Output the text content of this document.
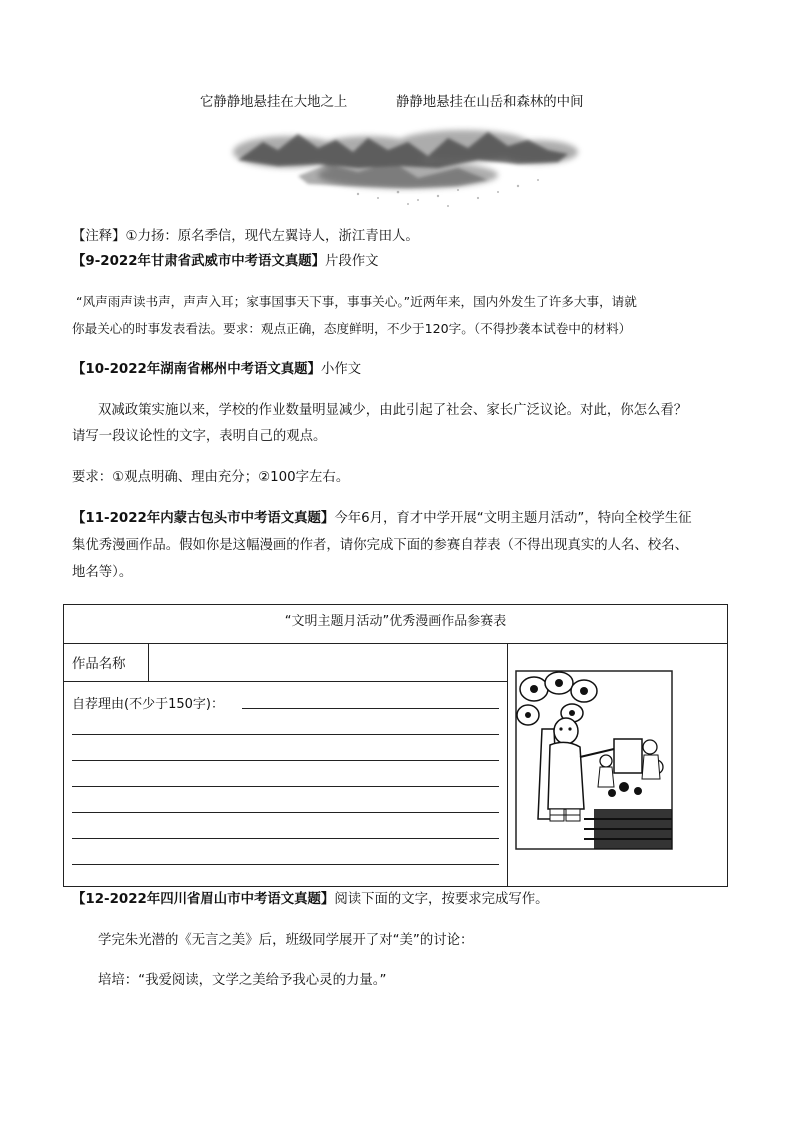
它静静地悬挂在大地之上	静静地悬挂在山岳和森林的中间
【注释】①力扬：原名季信，现代左翼诗人，浙江青田人。
【9-2022年甘肃省武威市中考语文真题】片段作文
“风声雨声读书声，声声入耳；家事国事天下事，事事关心。”近两年来，国内外发生了许多大事，请就
你最关心的时事发表看法。要求：观点正确，态度鲜明，不少于120字。（不得抄袭本试卷中的材料）
【10-2022年湖南省郴州中考语文真题】小作文
双减政策实施以来，学校的作业数量明显减少，由此引起了社会、家长广泛议论。对此，你怎么看？
请写一段议论性的文字，表明自己的观点。
要求：①观点明确、理由充分；②100字左右。
【11-2022年内蒙古包头市中考语文真题】今年6月，育才中学开展“文明主题月活动”，特向全校学生征
集优秀漫画作品。假如你是这幅漫画的作者，请你完成下面的参赛自荐表（不得出现真实的人名、校名、
地名等）。
“文明主题月活动”优秀漫画作品参赛表
作品名称
自荐理由(不少于150字)：
【12-2022年四川省眉山市中考语文真题】阅读下面的文字，按要求完成写作。
学完朱光潜的《无言之美》后，班级同学展开了对“美”的讨论：
培培：“我爱阅读，文学之美给予我心灵的力量。”
